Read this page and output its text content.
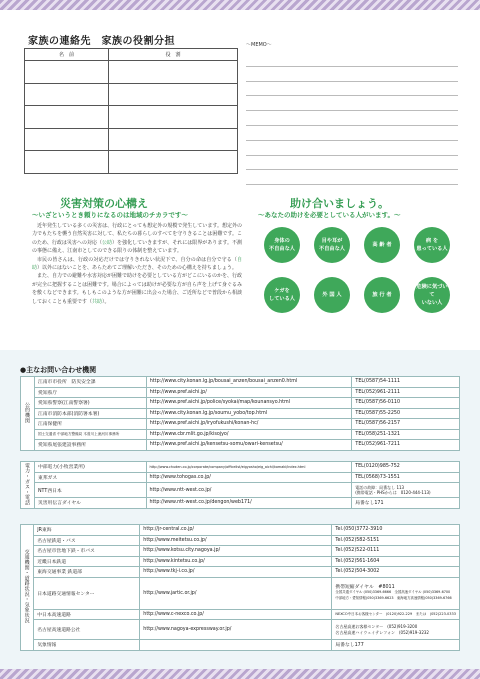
家族の連絡先　家族の役割分担
名　前	役　割

〜MEMO〜
災害対策の心構え
〜いざというとき頼りになるのは地域のチカラです〜

近年発生している多くの災害は、行政にとっても想定外の規模で発生しています。想定外の力でもたちを襲う自然災害に対して、私たちの暮らしのすべてを守りきることは困難です。このため、行政は災害への対応（公助）を強化していきますが、それには限界があります。不測の事態に備え、江南市としてのできる限りの体制を整えています。

市民の皆さんは、行政の対応だけでは守りきれない状況下で、自分の命は自分で守る（自助）以外にはないことを、あらためてご理解いただき、そのための心構えを持ちましょう。

また、自力での避難や水害対応が困難で助けを必要としている方がどこにいるのかを、行政が完全に把握することは困難です。場合によっては助けが必要な方が自ら声を上げて身ぐるみを敷くなどできます。もしもこのような方が困難に出会った場合、ご近所などで普段から相談しておくことも重要です（共助）。

助け合いましょう。
〜あなたの助けを必要としている人がいます。〜
身体の
不自由な人
目や耳が
不自由な人
高 齢 者
病 を
患っている人
ケガを
している人
外 国 人	旅 行 者
危険に気づいて
いない人
●主なお問い合わせ機関
公的機関	江南市市役所　防災安全課	http://www.city.konan.lg.jp/bousai_anzen/bousai_anzen0.html	TEL(0587)54-1111
	愛知県庁	http://www.pref.aichi.jp/	TEL(052)961-2111
	愛知県警察(江南警察署)	http://www.pref.aichi.jp/police/syokai/map/kounansyo.html	TEL(0587)56-0110
	江南市消防本部(消防署本署)	http://www.city.konan.lg.jp/soumu_yobo/top.html	TEL(0587)55-2250
	江南保健所	http://www.pref.aichi.jp/iryofukushi/konan-hc/	TEL(0587)56-2157
	国土交通省 中部地方整備局 木曽川上流河川事務所	http://www.cbr.mlit.go.jp/kisojyo/	TEL(058)251-1321
	愛知県尾張建設事務所	http://www.pref.aichi.jp/kensetsu-somu/owari-kensetsu/	TEL(052)961-7211
電力・ガス・電話	中部電力(小牧営業所)	http://www.chuden.co.jp/corporate/company/officelist/eigyosho/eig_aichi/komaki/index.html	TEL(0120)985-752
	東邦ガス	http://www.tohogas.co.jp/	TEL(0568)73-1551
	NTT西日本	http://www.ntt-west.co.jp/	電話の故障：局番なし 113
(携帯電話・PHSからは　0120-444-113)

	災害用伝言ダイヤル	http://www.ntt-west.co.jp/dengon/web171/	局番なし171
交通機関・道路状況・気象状況	JR東海	http://jr-central.co.jp/	Tel.(050)3772-3910
	名古屋鉄道・バス	http://www.meitetsu.co.jp/	Tel.(052)582-5151
	名古屋市営地下鉄・市バス	http://www.kotsu.city.nagoya.jp/	Tel.(052)522-0111
	近畿日本鉄道	http://www.kintetsu.co.jp/	Tel.(052)561-1604
	東海交通事業 鉄道部	http://www.tkj-i.co.jp/	Tel.(052)504-3002
	日本道路交通情報センター	http://www.jartic.or.jp/	携帯短縮ダイヤル　#8011
全国共通ダイヤル (050)3369-6666　全国高速ダイヤル (050)3369-6700
中部地方・愛知情報(050)3369-6623　東海地方高速情報(050)3369-6766

	中日本高速道路	http://www.c-nexco.co.jp/	NEXCO中日本お客様センター　(0120)922-229　または　(052)223-0333
	名古屋高速道路公社	http://www.nagoya-expressway.or.jp/	名古屋高速お客様センター　(052)919-3200
名古屋高速ハイウェイテレフォン　(052)919-3232

	気象情報		局番なし177
